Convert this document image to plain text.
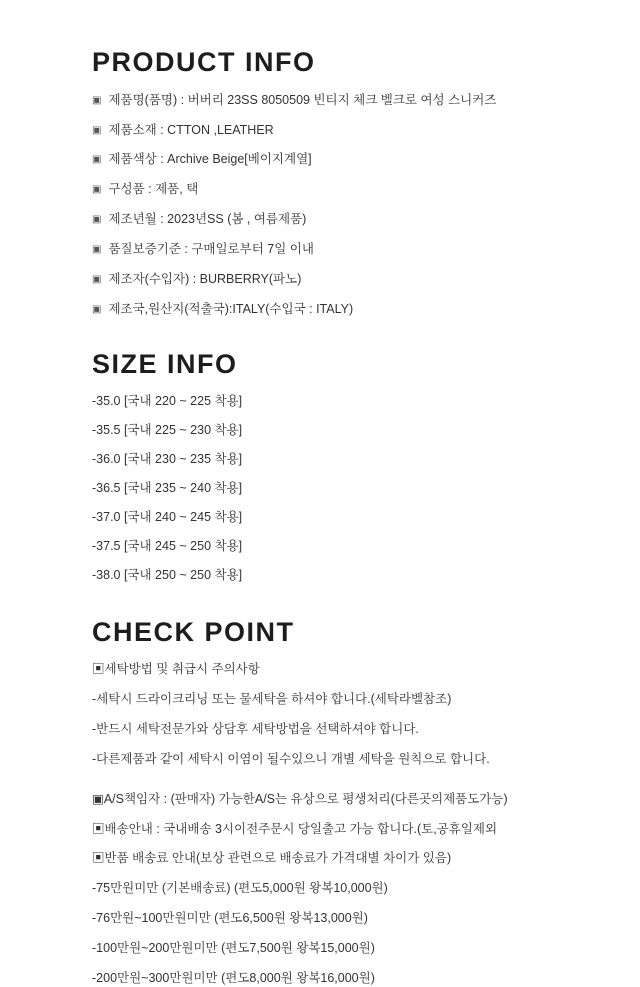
PRODUCT INFO

▣ 제품명(품명) : 버버리 23SS 8050509 빈티지 체크 벨크로 여성 스니커즈

▣ 제품소재 : CTTON ,LEATHER

▣ 제품색상 : Archive Beige[베이지계열]

▣ 구성품 : 제품, 택

▣ 제조년월 : 2023년SS (봄 , 여름제품)

▣ 품질보증기준 : 구매일로부터 7일 이내

▣ 제조자(수입자) : BURBERRY(파노)

▣ 제조국,원산지(적출국):ITALY(수입국 : ITALY)

SIZE INFO

-35.0 [국내 220 ~ 225 착용]

-35.5 [국내 225 ~ 230 착용]

-36.0 [국내 230 ~ 235 착용]

-36.5 [국내 235 ~ 240 착용]

-37.0 [국내 240 ~ 245 착용]

-37.5 [국내 245 ~ 250 착용]

-38.0 [국내 250 ~ 250 착용]

CHECK POINT

▣세탁방법 및 취급시 주의사항

-세탁시 드라이크리닝 또는 물세탁을 하셔야 합니다.(세탁라벨참조)

-반드시 세탁전문가와 상담후 세탁방법을 선택하셔야 합니다.

-다른제품과 같이 세탁시 이염이 될수있으니 개별 세탁을 원칙으로 합니다.

▣A/S책임자 : (판매자) 가능한A/S는 유상으로 평생처리(다른곳의제품도가능)

▣배송안내 : 국내배송 3시이전주문시 당일출고 가능 합니다.(토,공휴일제외

▣반품 배송료 안내(보상 관련으로 배송료가 가격대별 차이가 있음)

-75만원미만 (기본배송료) (편도5,000원 왕복10,000원)

-76만원~100만원미만 (편도6,500원 왕복13,000원)

-100만원~200만원미만 (편도7,500원 왕복15,000원)

-200만원~300만원미만 (편도8,000원 왕복16,000원)
